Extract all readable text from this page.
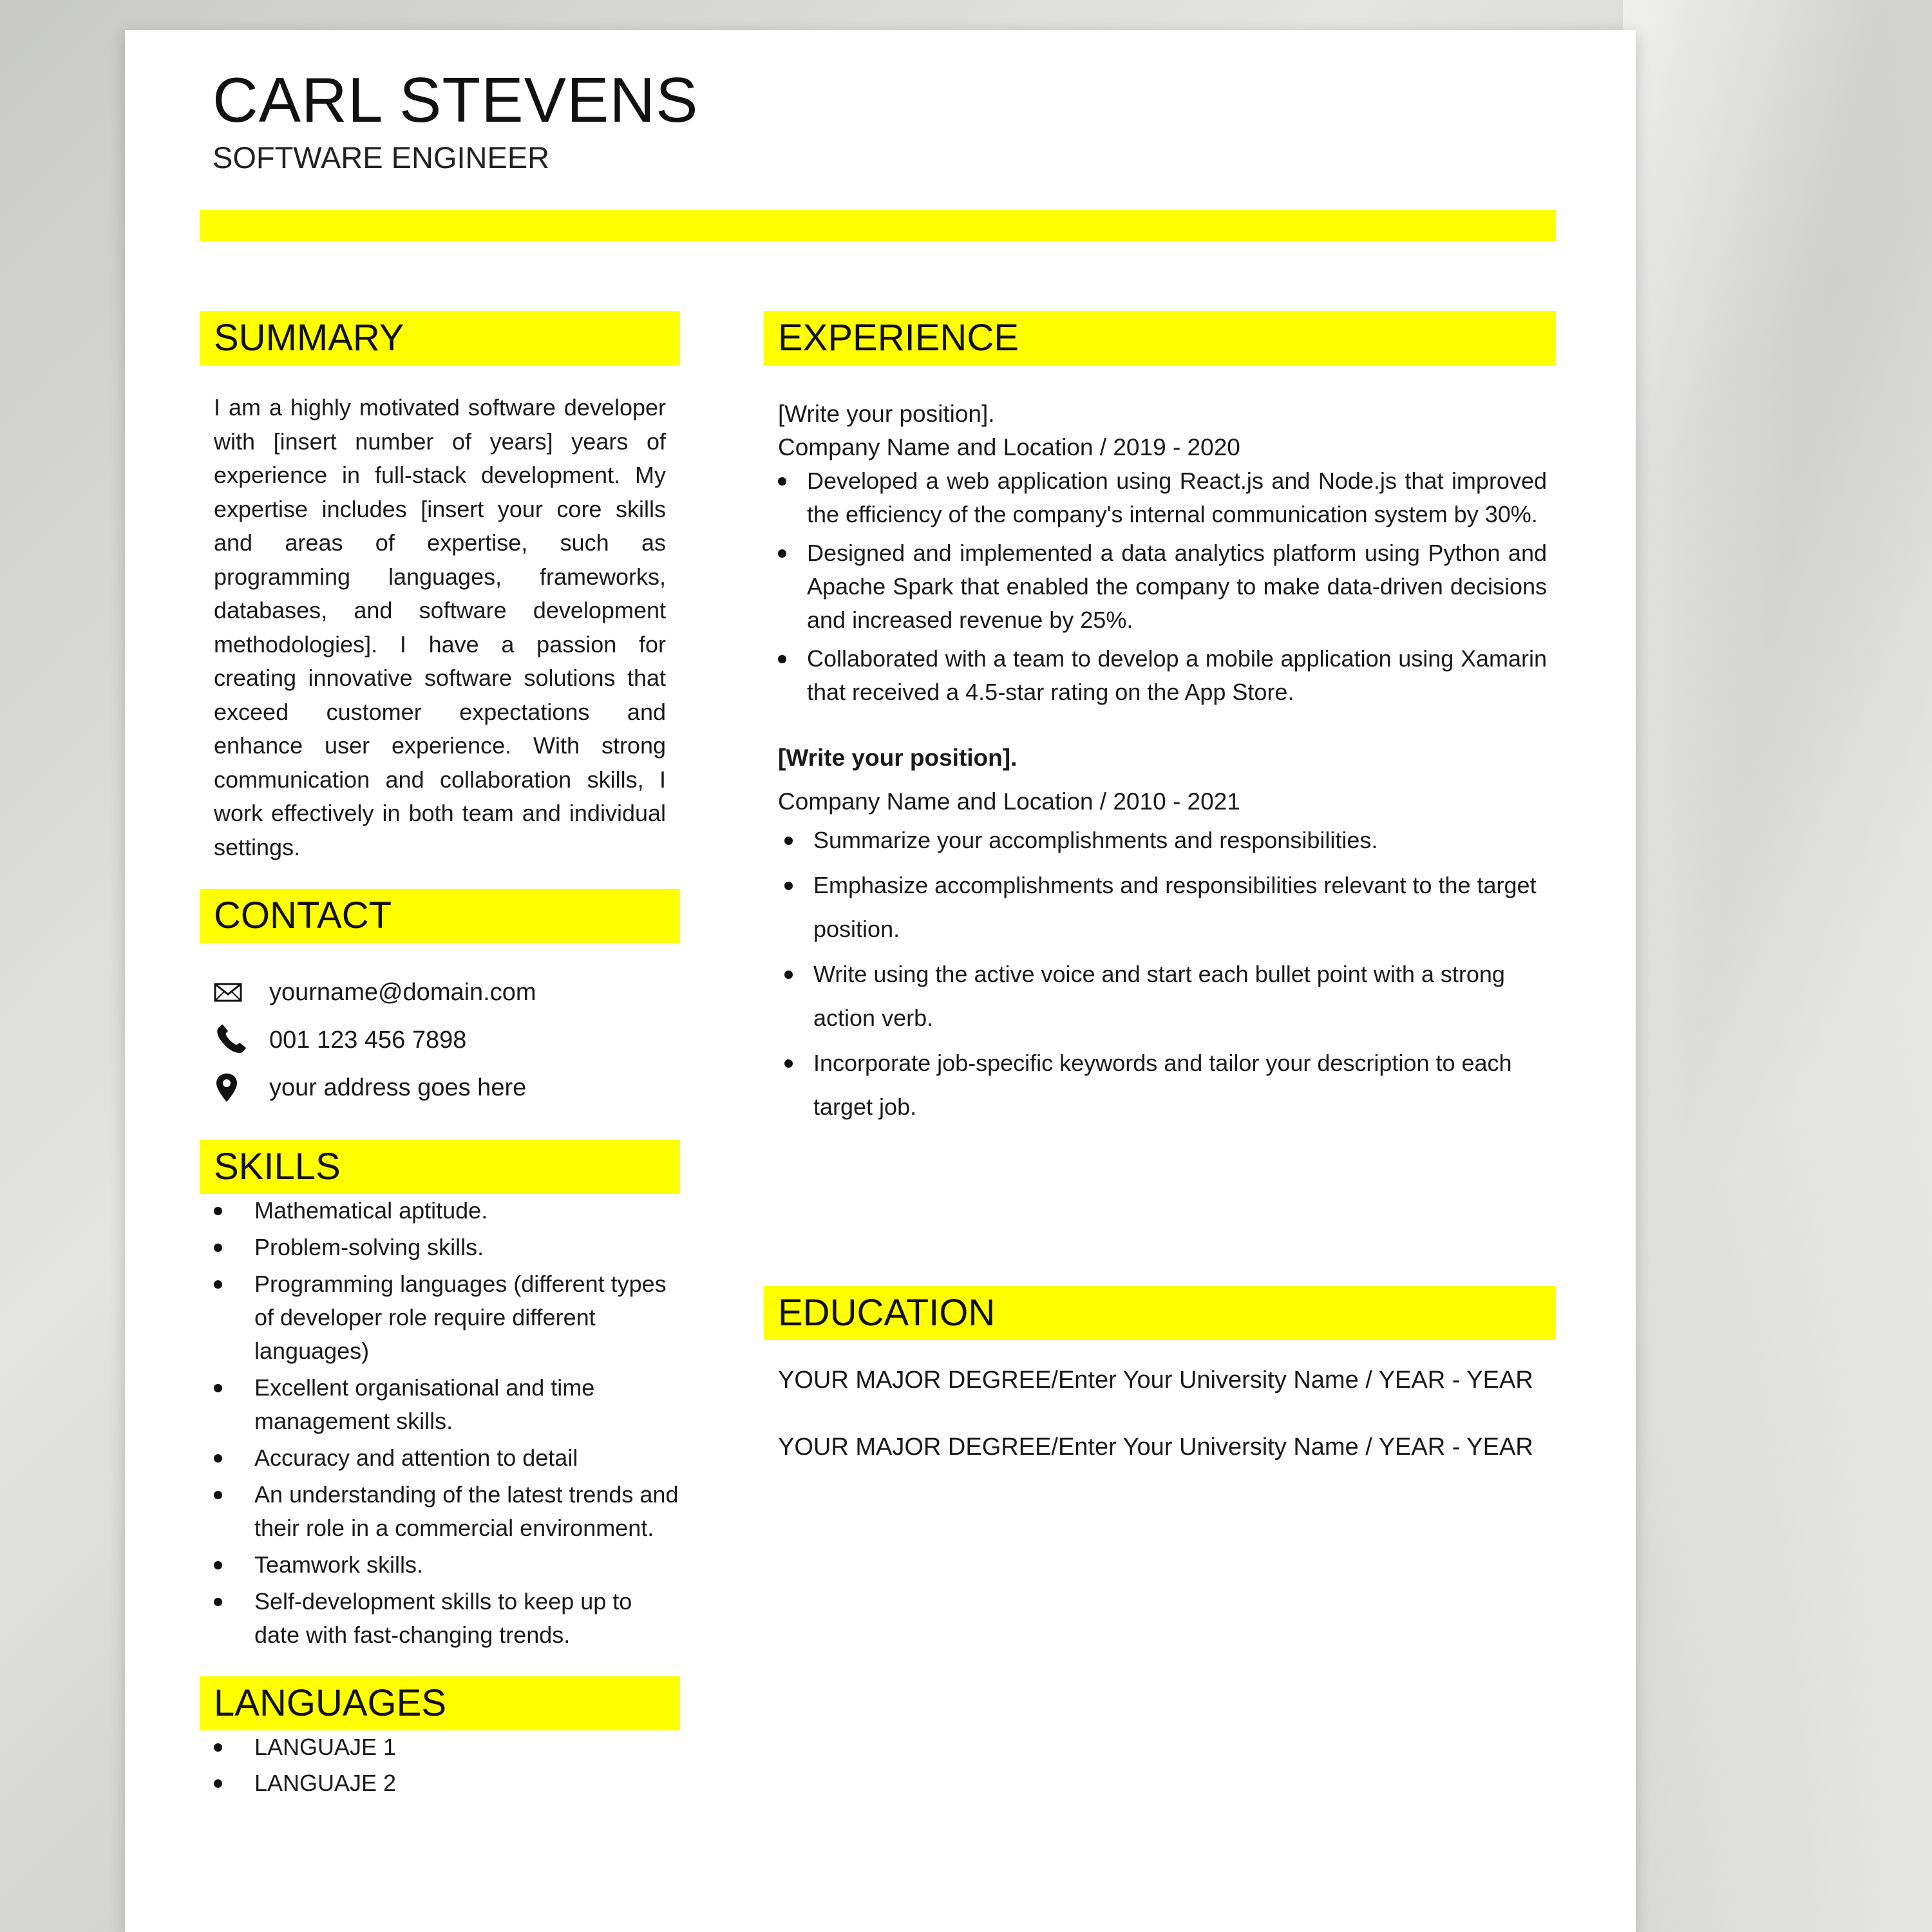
CARL STEVENS
SOFTWARE ENGINEER
SUMMARY

I am a highly motivated software developer with [insert number of years] years of experience in full-stack development. My expertise includes [insert your core skills and areas of expertise, such as programming languages, frameworks, databases, and software development methodologies]. I have a passion for creating innovative software solutions that exceed customer expectations and enhance user experience. With strong communication and collaboration skills, I work effectively in both team and individual settings.

CONTACT
yourname@domain.com
001 123 456 7898
your address goes here
SKILLS
Mathematical aptitude.
Problem-solving skills.
Programming languages (different types of developer role require different languages)
Excellent organisational and time management skills.
Accuracy and attention to detail
An understanding of the latest trends and their role in a commercial environment.
Teamwork skills.
Self-development skills to keep up to date with fast-changing trends.
LANGUAGES
LANGUAJE 1
LANGUAJE 2
EXPERIENCE
[Write your position].
Company Name and Location / 2019 - 2020
Developed a web application using React.js and Node.js that improved the efficiency of the company's internal communication system by 30%.
Designed and implemented a data analytics platform using Python and Apache Spark that enabled the company to make data-driven decisions and increased revenue by 25%.
Collaborated with a team to develop a mobile application using Xamarin that received a 4.5-star rating on the App Store.
[Write your position].
Company Name and Location / 2010 - 2021
Summarize your accomplishments and responsibilities.
Emphasize accomplishments and responsibilities relevant to the target position.
Write using the active voice and start each bullet point with a strong action verb.
Incorporate job-specific keywords and tailor your description to each target job.
EDUCATION
YOUR MAJOR DEGREE/Enter Your University Name / YEAR - YEAR
YOUR MAJOR DEGREE/Enter Your University Name / YEAR - YEAR
